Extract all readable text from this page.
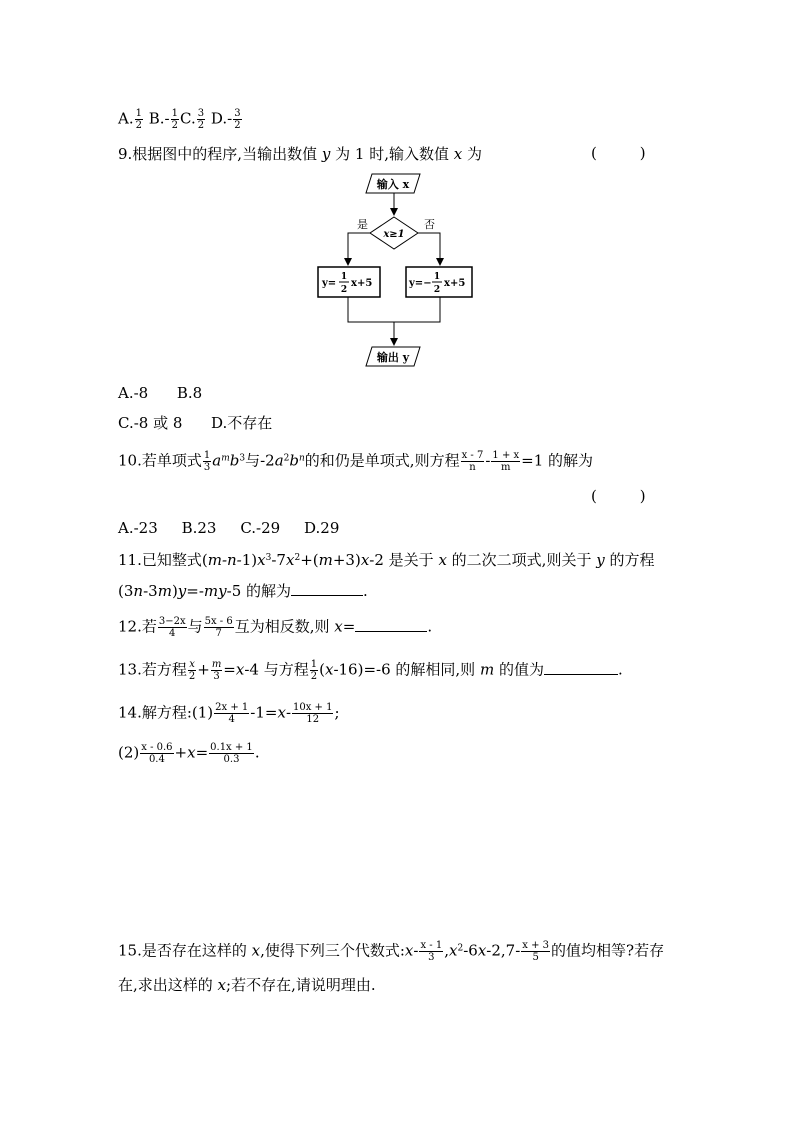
A. $\frac{1}{2} B.- \frac{1}{2} C$. $\frac{3}{2} D.- \frac{3}{2}$
9.根据图中的程序,当输出数值 y 为 1 时,输入数值 x 为	(         )
输入 x
x≥1
是	否
y=
1
2
x+5	y=−
1
2
x+5
输出 y
A.-8      B.8
C.-8 或 8      D.不存在
10.若单项式 $\frac{1}{3} a^mb^3$与$-2a^2b^n$的和仍是单项式,则方程 $\frac{x - 7}{n} - \frac{1 + x}{m} =1$ 的解为
(         )
A.-23     B.23     C.-29     D.29
11.已知整式$(m-n-1)x^3-7x^2+(m+3)x-2$ 是关于 x 的二次二项式,则关于 y 的方程
(3n-3m)y=-my-5 的解为	.
12.若 $\frac{3-2x}{4}$ 与 $\frac{5x - 6}{7}$ 互为相反数,则 x=	.
13.若方程 $\frac{x}{2} + \frac{m}{3} =x-4$ 与方程 $\frac{1}{2} (x-16)=-6$ 的解相同,则 m 的值为	.
14.解方程:(1) $\frac{2x + 1}{4} -1=x- \frac{10x + 1}{12}$ ;
$(2) \frac{x - 0.6}{0.4} +x= \frac{0.1x + 1}{0.3}$ .
15.是否存在这样的 x,使得下列三个代数式:x- $\frac{x - 1}{3} ,x^2-6x-2,7- \frac{x + 3}{5}$ 的值均相等?若存
在,求出这样的 x;若不存在,请说明理由.
